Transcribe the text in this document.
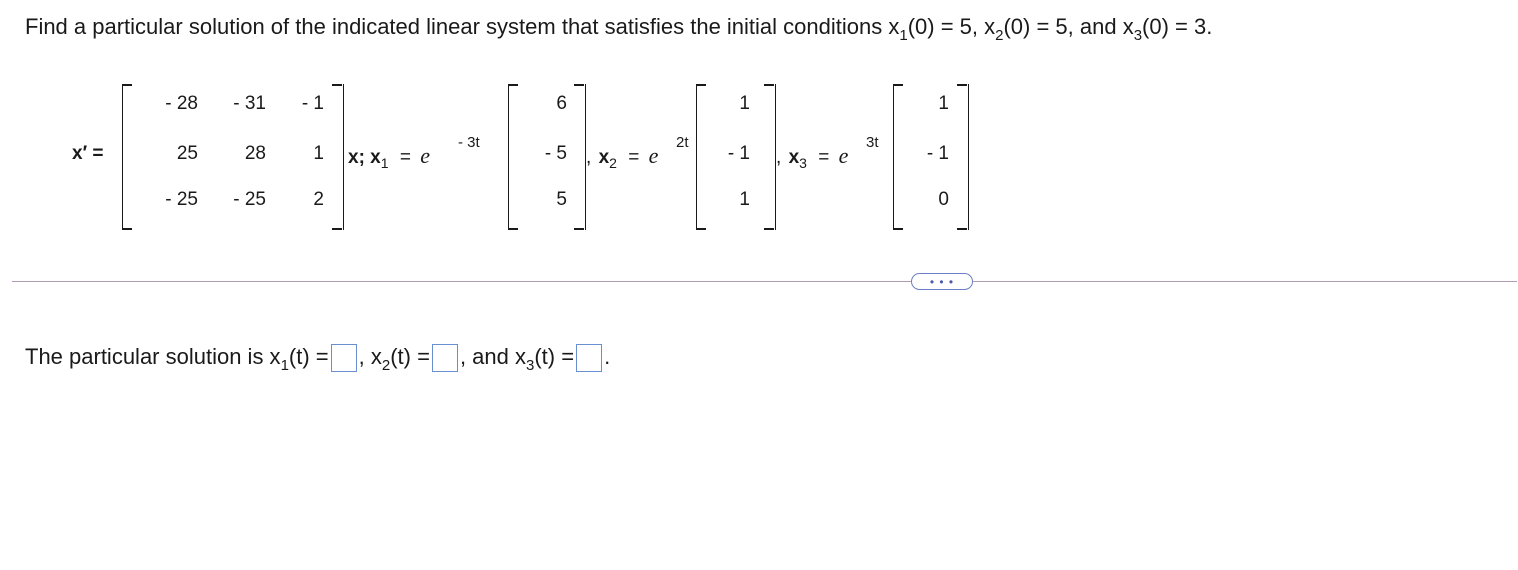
Find a particular solution of the indicated linear system that satisfies the initial conditions $x_1(0) = 5$, $x_2(0) = 5$, and $x_3(0) = 3$.
x′ =
- 28	- 31	- 1
25	28	1
- 25	- 25	2
x; $x_1 = e$
- 3t
6
- 5
5
, $x_2 = e$
2t
1
- 1
1
, $x_3 = e$
3t
1
- 1
0
• • •
The particular solution is $x_1(t)$ = , $x_2(t)$ = , and $x_3(t)$ = .
